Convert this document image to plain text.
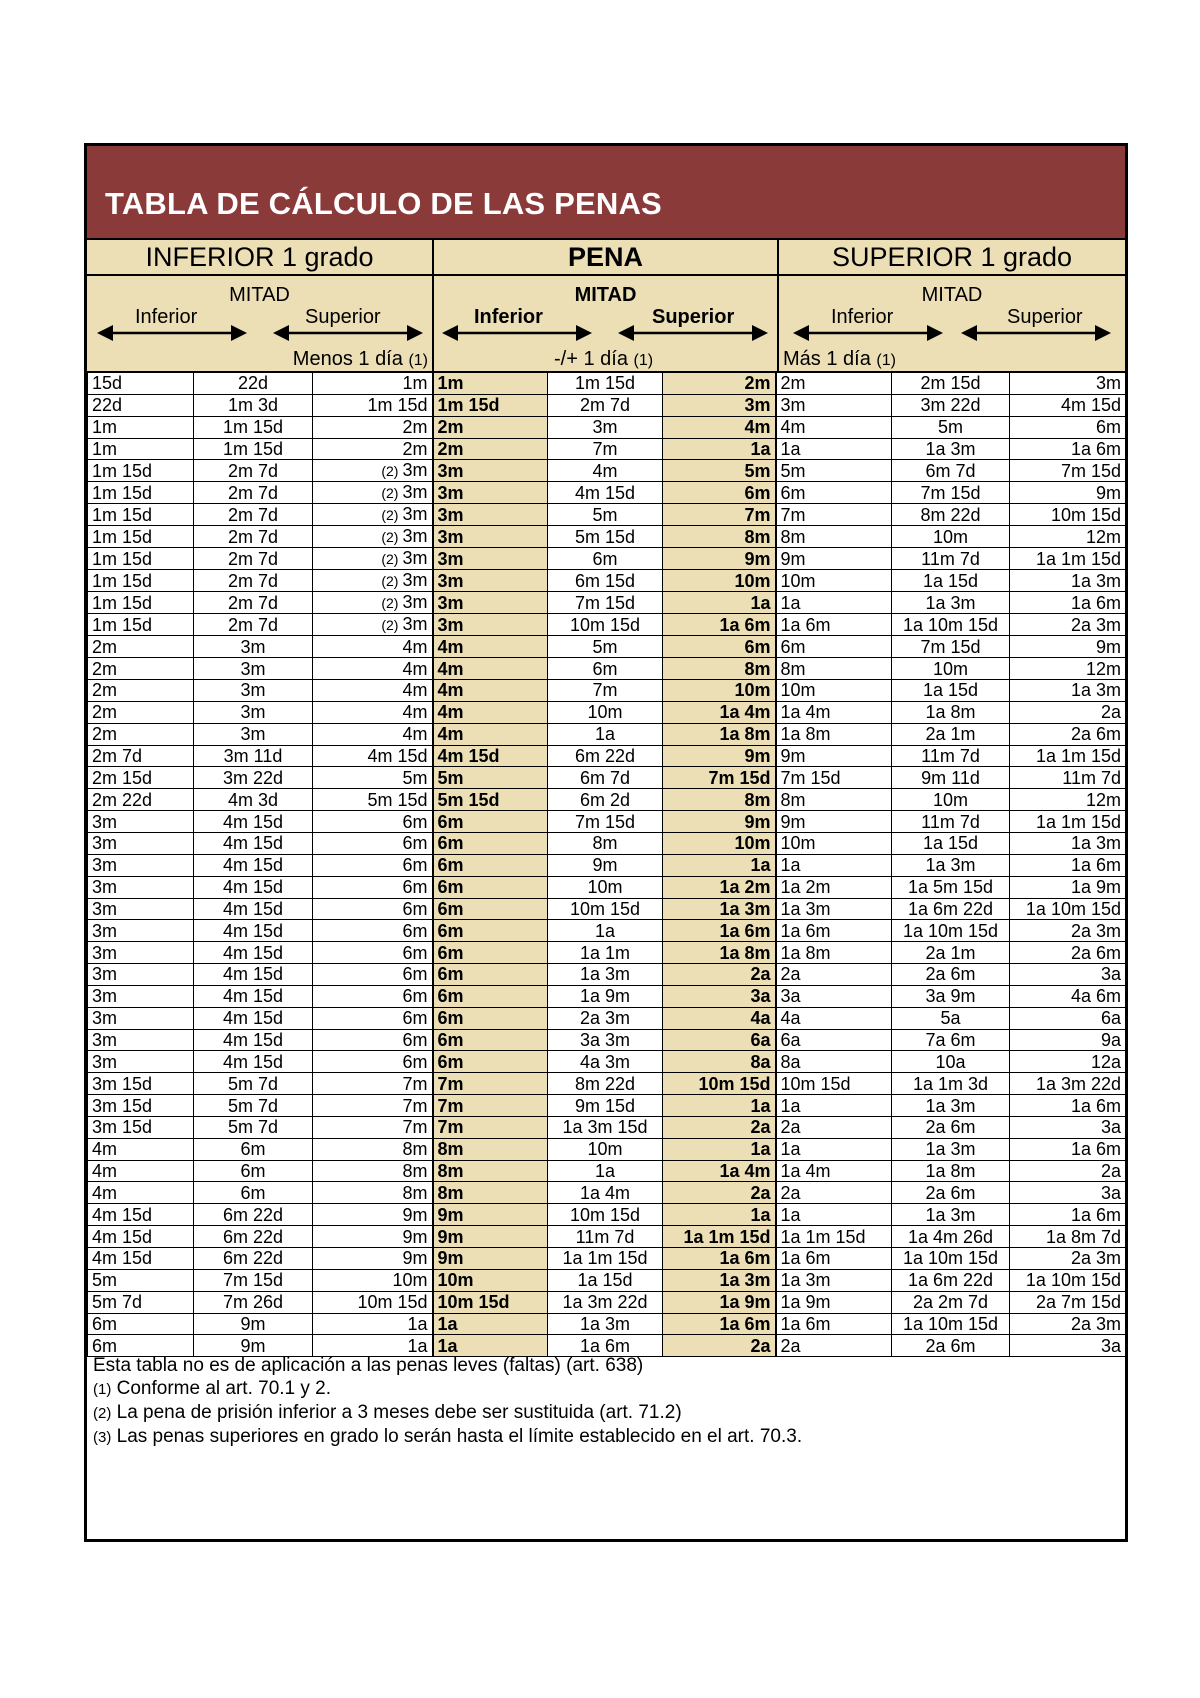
TABLA DE CÁLCULO DE LAS PENAS
INFERIOR 1 grado
MITAD
Inferior	Superior
Menos 1 día (1)
PENA
MITAD
Inferior	Superior
-/+ 1 día (1)
SUPERIOR 1 grado
MITAD
Inferior	Superior
Más 1 día (1)
15d	22d	1m	1m	1m 15d	2m	2m	2m 15d	3m
22d	1m 3d	1m 15d	1m 15d	2m 7d	3m	3m	3m 22d	4m 15d
1m	1m 15d	2m	2m	3m	4m	4m	5m	6m
1m	1m 15d	2m	2m	7m	1a	1a	1a 3m	1a 6m
1m 15d	2m 7d	(2) 3m	3m	4m	5m	5m	6m 7d	7m 15d
1m 15d	2m 7d	(2) 3m	3m	4m 15d	6m	6m	7m 15d	9m
1m 15d	2m 7d	(2) 3m	3m	5m	7m	7m	8m 22d	10m 15d
1m 15d	2m 7d	(2) 3m	3m	5m 15d	8m	8m	10m	12m
1m 15d	2m 7d	(2) 3m	3m	6m	9m	9m	11m 7d	1a 1m 15d
1m 15d	2m 7d	(2) 3m	3m	6m 15d	10m	10m	1a 15d	1a 3m
1m 15d	2m 7d	(2) 3m	3m	7m 15d	1a	1a	1a 3m	1a 6m
1m 15d	2m 7d	(2) 3m	3m	10m 15d	1a 6m	1a 6m	1a 10m 15d	2a 3m
2m	3m	4m	4m	5m	6m	6m	7m 15d	9m
2m	3m	4m	4m	6m	8m	8m	10m	12m
2m	3m	4m	4m	7m	10m	10m	1a 15d	1a 3m
2m	3m	4m	4m	10m	1a 4m	1a 4m	1a 8m	2a
2m	3m	4m	4m	1a	1a 8m	1a 8m	2a 1m	2a 6m
2m 7d	3m 11d	4m 15d	4m 15d	6m 22d	9m	9m	11m 7d	1a 1m 15d
2m 15d	3m 22d	5m	5m	6m 7d	7m 15d	7m 15d	9m 11d	11m 7d
2m 22d	4m 3d	5m 15d	5m 15d	6m 2d	8m	8m	10m	12m
3m	4m 15d	6m	6m	7m 15d	9m	9m	11m 7d	1a 1m 15d
3m	4m 15d	6m	6m	8m	10m	10m	1a 15d	1a 3m
3m	4m 15d	6m	6m	9m	1a	1a	1a 3m	1a 6m
3m	4m 15d	6m	6m	10m	1a 2m	1a 2m	1a 5m 15d	1a 9m
3m	4m 15d	6m	6m	10m 15d	1a 3m	1a 3m	1a 6m 22d	1a 10m 15d
3m	4m 15d	6m	6m	1a	1a 6m	1a 6m	1a 10m 15d	2a 3m
3m	4m 15d	6m	6m	1a 1m	1a 8m	1a 8m	2a 1m	2a 6m
3m	4m 15d	6m	6m	1a 3m	2a	2a	2a 6m	3a
3m	4m 15d	6m	6m	1a 9m	3a	3a	3a 9m	4a 6m
3m	4m 15d	6m	6m	2a 3m	4a	4a	5a	6a
3m	4m 15d	6m	6m	3a 3m	6a	6a	7a 6m	9a
3m	4m 15d	6m	6m	4a 3m	8a	8a	10a	12a
3m 15d	5m 7d	7m	7m	8m 22d	10m 15d	10m 15d	1a 1m 3d	1a 3m 22d
3m 15d	5m 7d	7m	7m	9m 15d	1a	1a	1a 3m	1a 6m
3m 15d	5m 7d	7m	7m	1a 3m 15d	2a	2a	2a 6m	3a
4m	6m	8m	8m	10m	1a	1a	1a 3m	1a 6m
4m	6m	8m	8m	1a	1a 4m	1a 4m	1a 8m	2a
4m	6m	8m	8m	1a 4m	2a	2a	2a 6m	3a
4m 15d	6m 22d	9m	9m	10m 15d	1a	1a	1a 3m	1a 6m
4m 15d	6m 22d	9m	9m	11m 7d	1a 1m 15d	1a 1m 15d	1a 4m 26d	1a 8m 7d
4m 15d	6m 22d	9m	9m	1a 1m 15d	1a 6m	1a 6m	1a 10m 15d	2a 3m
5m	7m 15d	10m	10m	1a 15d	1a 3m	1a 3m	1a 6m 22d	1a 10m 15d
5m 7d	7m 26d	10m 15d	10m 15d	1a 3m 22d	1a 9m	1a 9m	2a 2m 7d	2a 7m 15d
6m	9m	1a	1a	1a 3m	1a 6m	1a 6m	1a 10m 15d	2a 3m
6m	9m	1a	1a	1a 6m	2a	2a	2a 6m	3a
Esta tabla no es de aplicación a las penas leves (faltas) (art. 638)
(1) Conforme al art. 70.1 y 2.
(2) La pena de prisión inferior a 3 meses debe ser sustituida (art. 71.2)
(3) Las penas superiores en grado lo serán hasta el límite establecido en el art. 70.3.
